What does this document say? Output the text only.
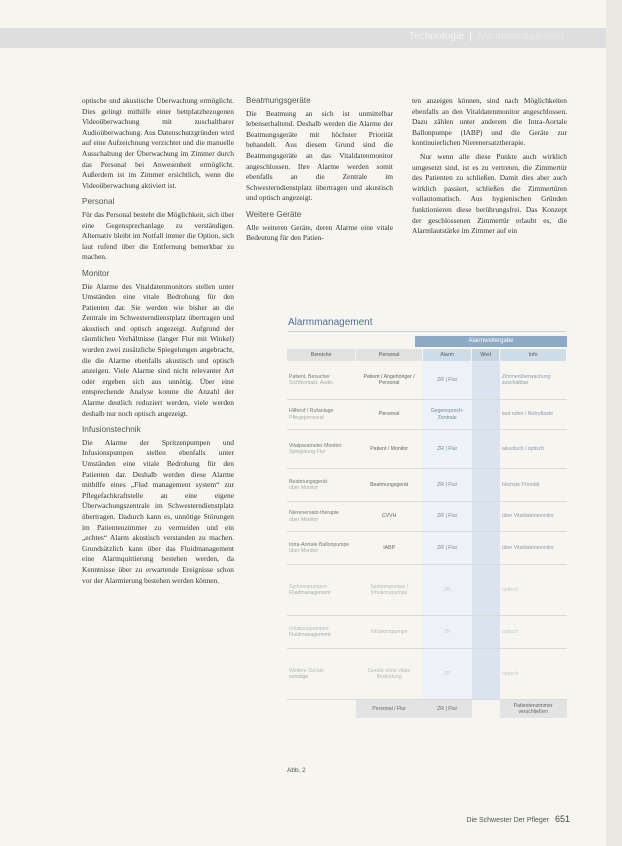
Technologie | Alarmmanagement

optische und akustische Überwachung ermöglicht. Dies gelingt mithilfe einer bettplatzbezogenen Videoüberwachung mit zuschaltbarer Audioüberwachung. Aus Datenschutzgründen wird auf eine Aufzeichnung verzichtet und die manuelle Ausschaltung der Überwachung im Zimmer durch das Personal bei Anwesenheit ermöglicht. Außerdem ist im Zimmer ersichtlich, wenn die Videoüberwachung aktiviert ist.

Personal

Für das Personal besteht die Möglichkeit, sich über eine Gegensprechanlage zu verständigen. Alternativ bleibt im Notfall immer die Option, sich laut rufend über die Entfernung bemerkbar zu machen.

Monitor

Die Alarme des Vitaldatenmonitors stellen unter Umständen eine vitale Bedrohung für den Patienten dar. Sie werden wie bisher an die Zentrale im Schwesterndienstplatz übertragen und akustisch und optisch angezeigt. Aufgrund der räumlichen Verhältnisse (langer Flur mit Winkel) wurden zwei zusätzliche Spiegelungen angebracht, die die Alarme ebenfalls akustisch und optisch anzeigen. Viele Alarme sind nicht relevanter Art oder ergeben sich aus unnötig. Über eine entsprechende Analyse konnte die Anzahl der Alarme deutlich reduziert werden, viele werden deshalb nur noch optisch angezeigt.

Infusionstechnik

Die Alarme der Spritzenpumpen und Infusionspumpen stellen ebenfalls unter Umständen eine vitale Bedrohung für den Patienten dar. Deshalb werden diese Alarme mithilfe eines „Flud management system“ zur Pflegefachkraftstelle an eine eigene Überwachungszentrale im Schwesterndienstplatz übertragen. Dadurch kann es, unnötige Störungen im Patientenzimmer zu vermeiden und ein „echtes“ Alarm akustisch verstanden zu machen. Grundsätzlich kann über das Fluidmanagement eine Alarmquittierung bestehen werden, da Kenntnisse über zu erwartende Ereignisse schon vor der Alarmierung bestehen werden können.

Beatmungsgeräte

Die Beatmung an sich ist unmittelbar lebenserhaltend. Deshalb werden die Alarme der Beatmungsgeräte mit höchster Priorität behandelt. Aus diesem Grund sind die Beatmungsgeräte an das Vitaldatenmonitor angeschlossen. Ihre Alarme werden somit ebenfalls an die Zentrale im Schwesterndienstplatz übertragen und akustisch und optisch angezeigt.

Weitere Geräte

Alle weiteren Geräte, deren Alarme eine vitale Bedeutung für den Patien-

ten anzeigen können, sind nach Möglichkeiten ebenfalls an den Vitaldatenmonitor angeschlossen. Dazu zählen unter anderem die Intra-Aortale Ballonpumpe (IABP) und die Geräte zur kontinuierlichen Nierenersatztherapie.

Nur wenn alle diese Punkte auch wirklich umgesetzt sind, ist es zu vertreten, die Zimmertür des Patienten zu schließen. Damit dies aber auch wirklich passiert, schließen die Zimmertüren vollautomatisch. Aus hygienischen Gründen funktionieren diese berührungsfrei. Das Konzept der geschlossenen Zimmertür erlaubt es, die Alarmlautstärke im Zimmer auf ein

Alarmmanagement
Alarmweitergabe
Bereiche	Personal	Alarm	Wert	Info
Patient, Besucher
Sichtkontakt, Audio	Patient / Angehöriger / Personal	ZR | Flur		Zimmerüberwachung zuschaltbar
Hilferuf / Rufanlage
Pflegepersonal	Personal	Gegensprech-Zentrale		laut rufen / Notruftaste
Vitalparameter Monitor
Spiegelung Flur	Patient / Monitor	ZR | Flur		akustisch / optisch
Beatmungsgerät
über Monitor	Beatmungsgerät	ZR | Flur		höchste Priorität
Nierenersatz-therapie
über Monitor	CVVH	ZR | Flur		über Vitaldatenmonitor
Intra-Aortale Ballonpumpe
über Monitor	IABP	ZR | Flur		über Vitaldatenmonitor
Spritzenpumpen
Fluidmanagement	Spritzenpumpe / Infusionspumpe	ZR		optisch
Infusionspumpen
Fluidmanagement	Infusionspumpe	ZR		optisch
Weitere Geräte
sonstige	Geräte ohne vitale Bedeutung	ZR		optisch
	Personal / Flur	ZR | Flur		Patientenzimmer verschließen
Abb. 2
Die Schwester Der Pfleger 651
